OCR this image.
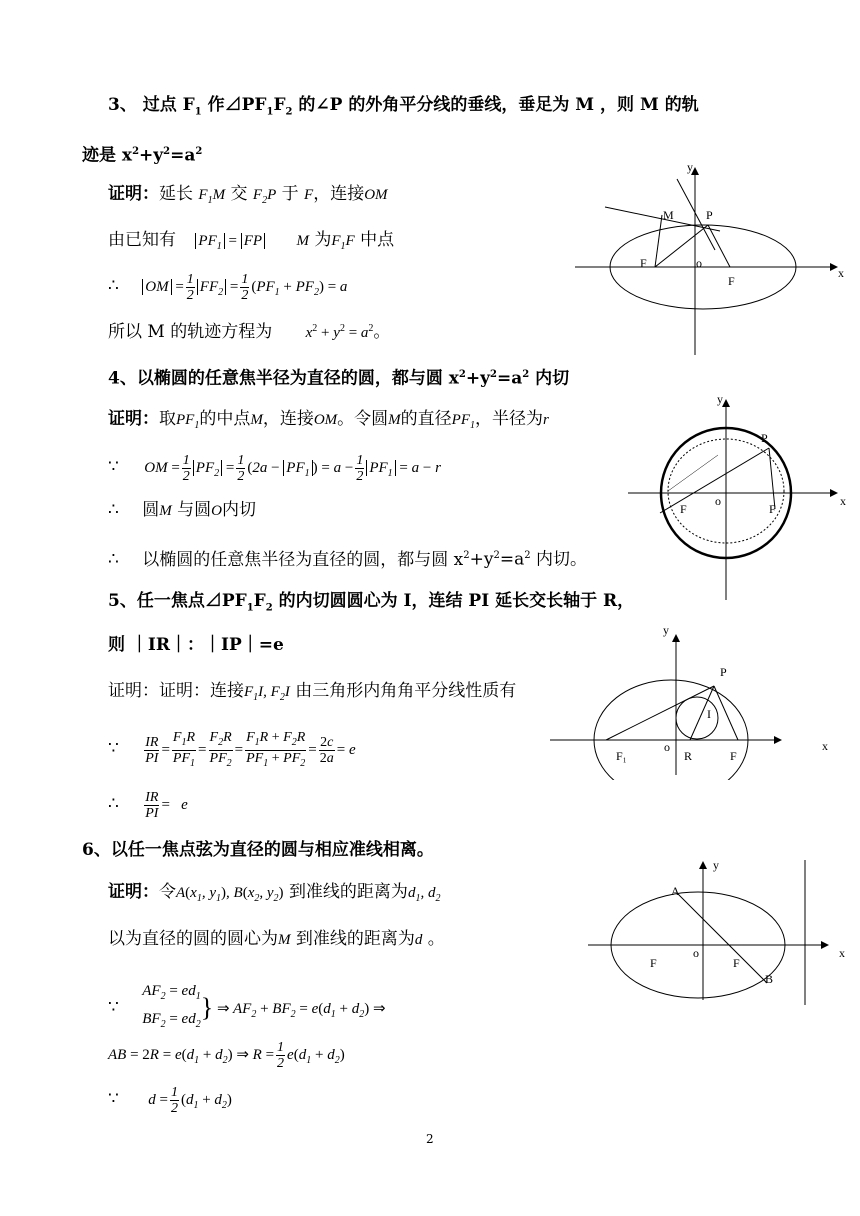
3、 过点 $F_1$ 作$⊿PF_1F_2$ 的∠P 的外角平分线的垂线，垂足为 M ，则 M 的轨
迹是 $x^2+y^2=a^2$
证明：延长 $F_1M$ 交 $F_2P$ 于 F，连接OM
由已知有 $PF_1$ = FP M 为$F_1F$ 中点
∴ OM = $\frac{1}{2} FF_2 = \frac{1}{2} (PF_1 + PF_2) = a$
所以 M 的轨迹方程为 $x^2 + y^2 = a^2$。
y
M	P
F	o
F
x
4、以椭圆的任意焦半径为直径的圆，都与圆 $x^2+y^2=a^2$ 内切
证明：取$PF_1$的中点M，连接OM。令圆M的直径$PF_1$，半径为r
∵ OM = $\frac{1}{2} PF_2 = \frac{1}{2} (2a - PF_1$ ) = $a - \frac{1}{2} PF_1 = a - r$
∴ 圆M 与圆O内切
∴ 以椭圆的任意焦半径为直径的圆，都与圆 $x^2+y^2=a^2$ 内切。
y
P
F
o
F
x
5、任一焦点$⊿PF_1F_2$ 的内切圆圆心为 I，连结 PI 延长交长轴于 R，
则 ｜IR｜：｜IP｜=e
证明：证明：连接$F_1I$, $F_2I$ 由三角形内角角平分线性质有
∵ $\frac{IR}{PI} = \frac{F_1R}{PF_1} = \frac{F_2R}{PF_2} = \frac{F_1R + F_2R}{PF_1 + PF_2} = \frac{2c}{2a} = e$
∴ $\frac{IR}{PI} = e$
y
P
I
F₁
o
R	F
x
6、以任一焦点弦为直径的圆与相应准线相离。
证明：令$A(x_1$, $y_1$), $B(x_2$, $y_2$) 到准线的距离为$d_1$, $d_2$
以为直径的圆的圆心为M 到准线的距离为d 。
∵ $AF_2 = ed_1$
$BF_2 = ed_2$} ⇒ $AF_2 + BF_2 = e(d_1 + d_2)$ ⇒
AB = $2R = e(d_1 + d_2)$ ⇒ $R = \frac{1}{2} e(d_1 + d_2)$
∵ $d = \frac{1}{2} (d_1 + d_2)$
y
A
F
o
F
B
x
2
